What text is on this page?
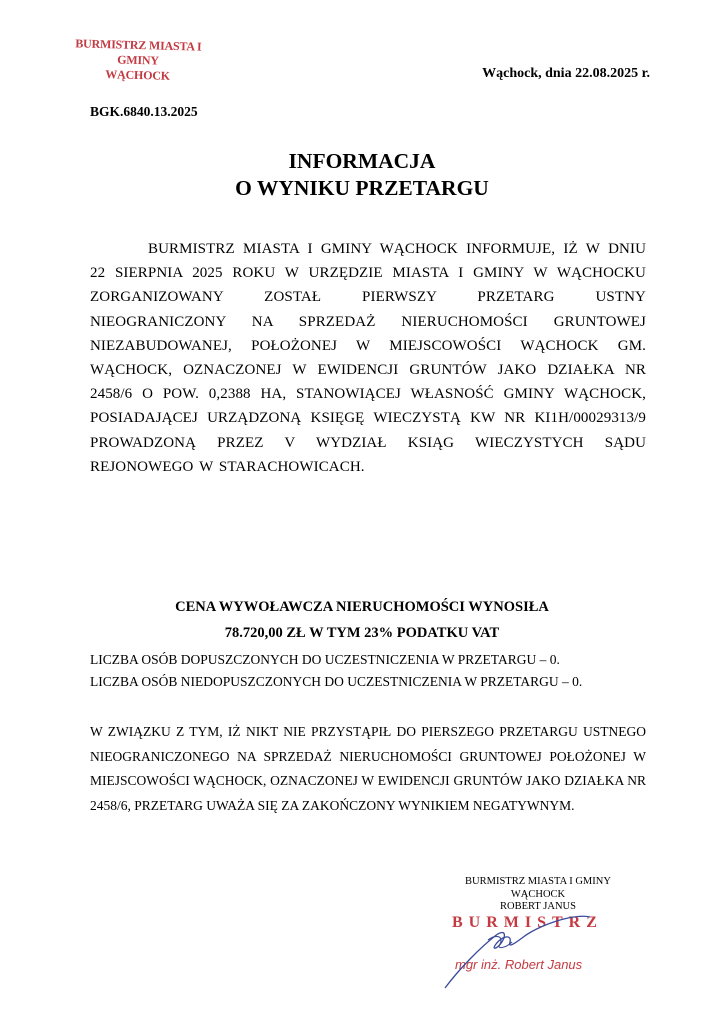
BURMISTRZ MIASTA I GMINY
WĄCHOCK	Wąchock, dnia 22.08.2025 r.
BGK.6840.13.2025
INFORMACJA
O WYNIKU PRZETARGU
BURMISTRZ MIASTA I GMINY WĄCHOCK INFORMUJE, IŻ W DNIU 22 SIERPNIA 2025 ROKU W URZĘDZIE MIASTA I GMINY W WĄCHOCKU ZORGANIZOWANY ZOSTAŁ PIERWSZY PRZETARG USTNY NIEOGRANICZONY NA SPRZEDAŻ NIERUCHOMOŚCI GRUNTOWEJ NIEZABUDOWANEJ, POŁOŻONEJ W MIEJSCOWOŚCI WĄCHOCK GM. WĄCHOCK, OZNACZONEJ W EWIDENCJI GRUNTÓW JAKO DZIAŁKA NR 2458/6 O POW. 0,2388 HA, STANOWIĄCEJ WŁASNOŚĆ GMINY WĄCHOCK, POSIADAJĄCEJ URZĄDZONĄ KSIĘGĘ WIECZYSTĄ KW NR KI1H/00029313/9 PROWADZONĄ PRZEZ V WYDZIAŁ KSIĄG WIECZYSTYCH SĄDU REJONOWEGO W STARACHOWICACH.
CENA WYWOŁAWCZA NIERUCHOMOŚCI WYNOSIŁA
78.720,00 ZŁ W TYM 23% PODATKU VAT
LICZBA OSÓB DOPUSZCZONYCH DO UCZESTNICZENIA W PRZETARGU – 0.
LICZBA OSÓB NIEDOPUSZCZONYCH DO UCZESTNICZENIA W PRZETARGU – 0.
W ZWIĄZKU Z TYM, IŻ NIKT NIE PRZYSTĄPIŁ DO PIERSZEGO PRZETARGU USTNEGO NIEOGRANICZONEGO NA SPRZEDAŻ NIERUCHOMOŚCI GRUNTOWEJ POŁOŻONEJ W MIEJSCOWOŚCI WĄCHOCK, OZNACZONEJ W EWIDENCJI GRUNTÓW JAKO DZIAŁKA NR 2458/6, PRZETARG UWAŻA SIĘ ZA ZAKOŃCZONY WYNIKIEM NEGATYWNYM.
BURMISTRZ MIASTA I GMINY
WĄCHOCK
ROBERT JANUS
BURMISTRZ
mgr inż. Robert Janus
